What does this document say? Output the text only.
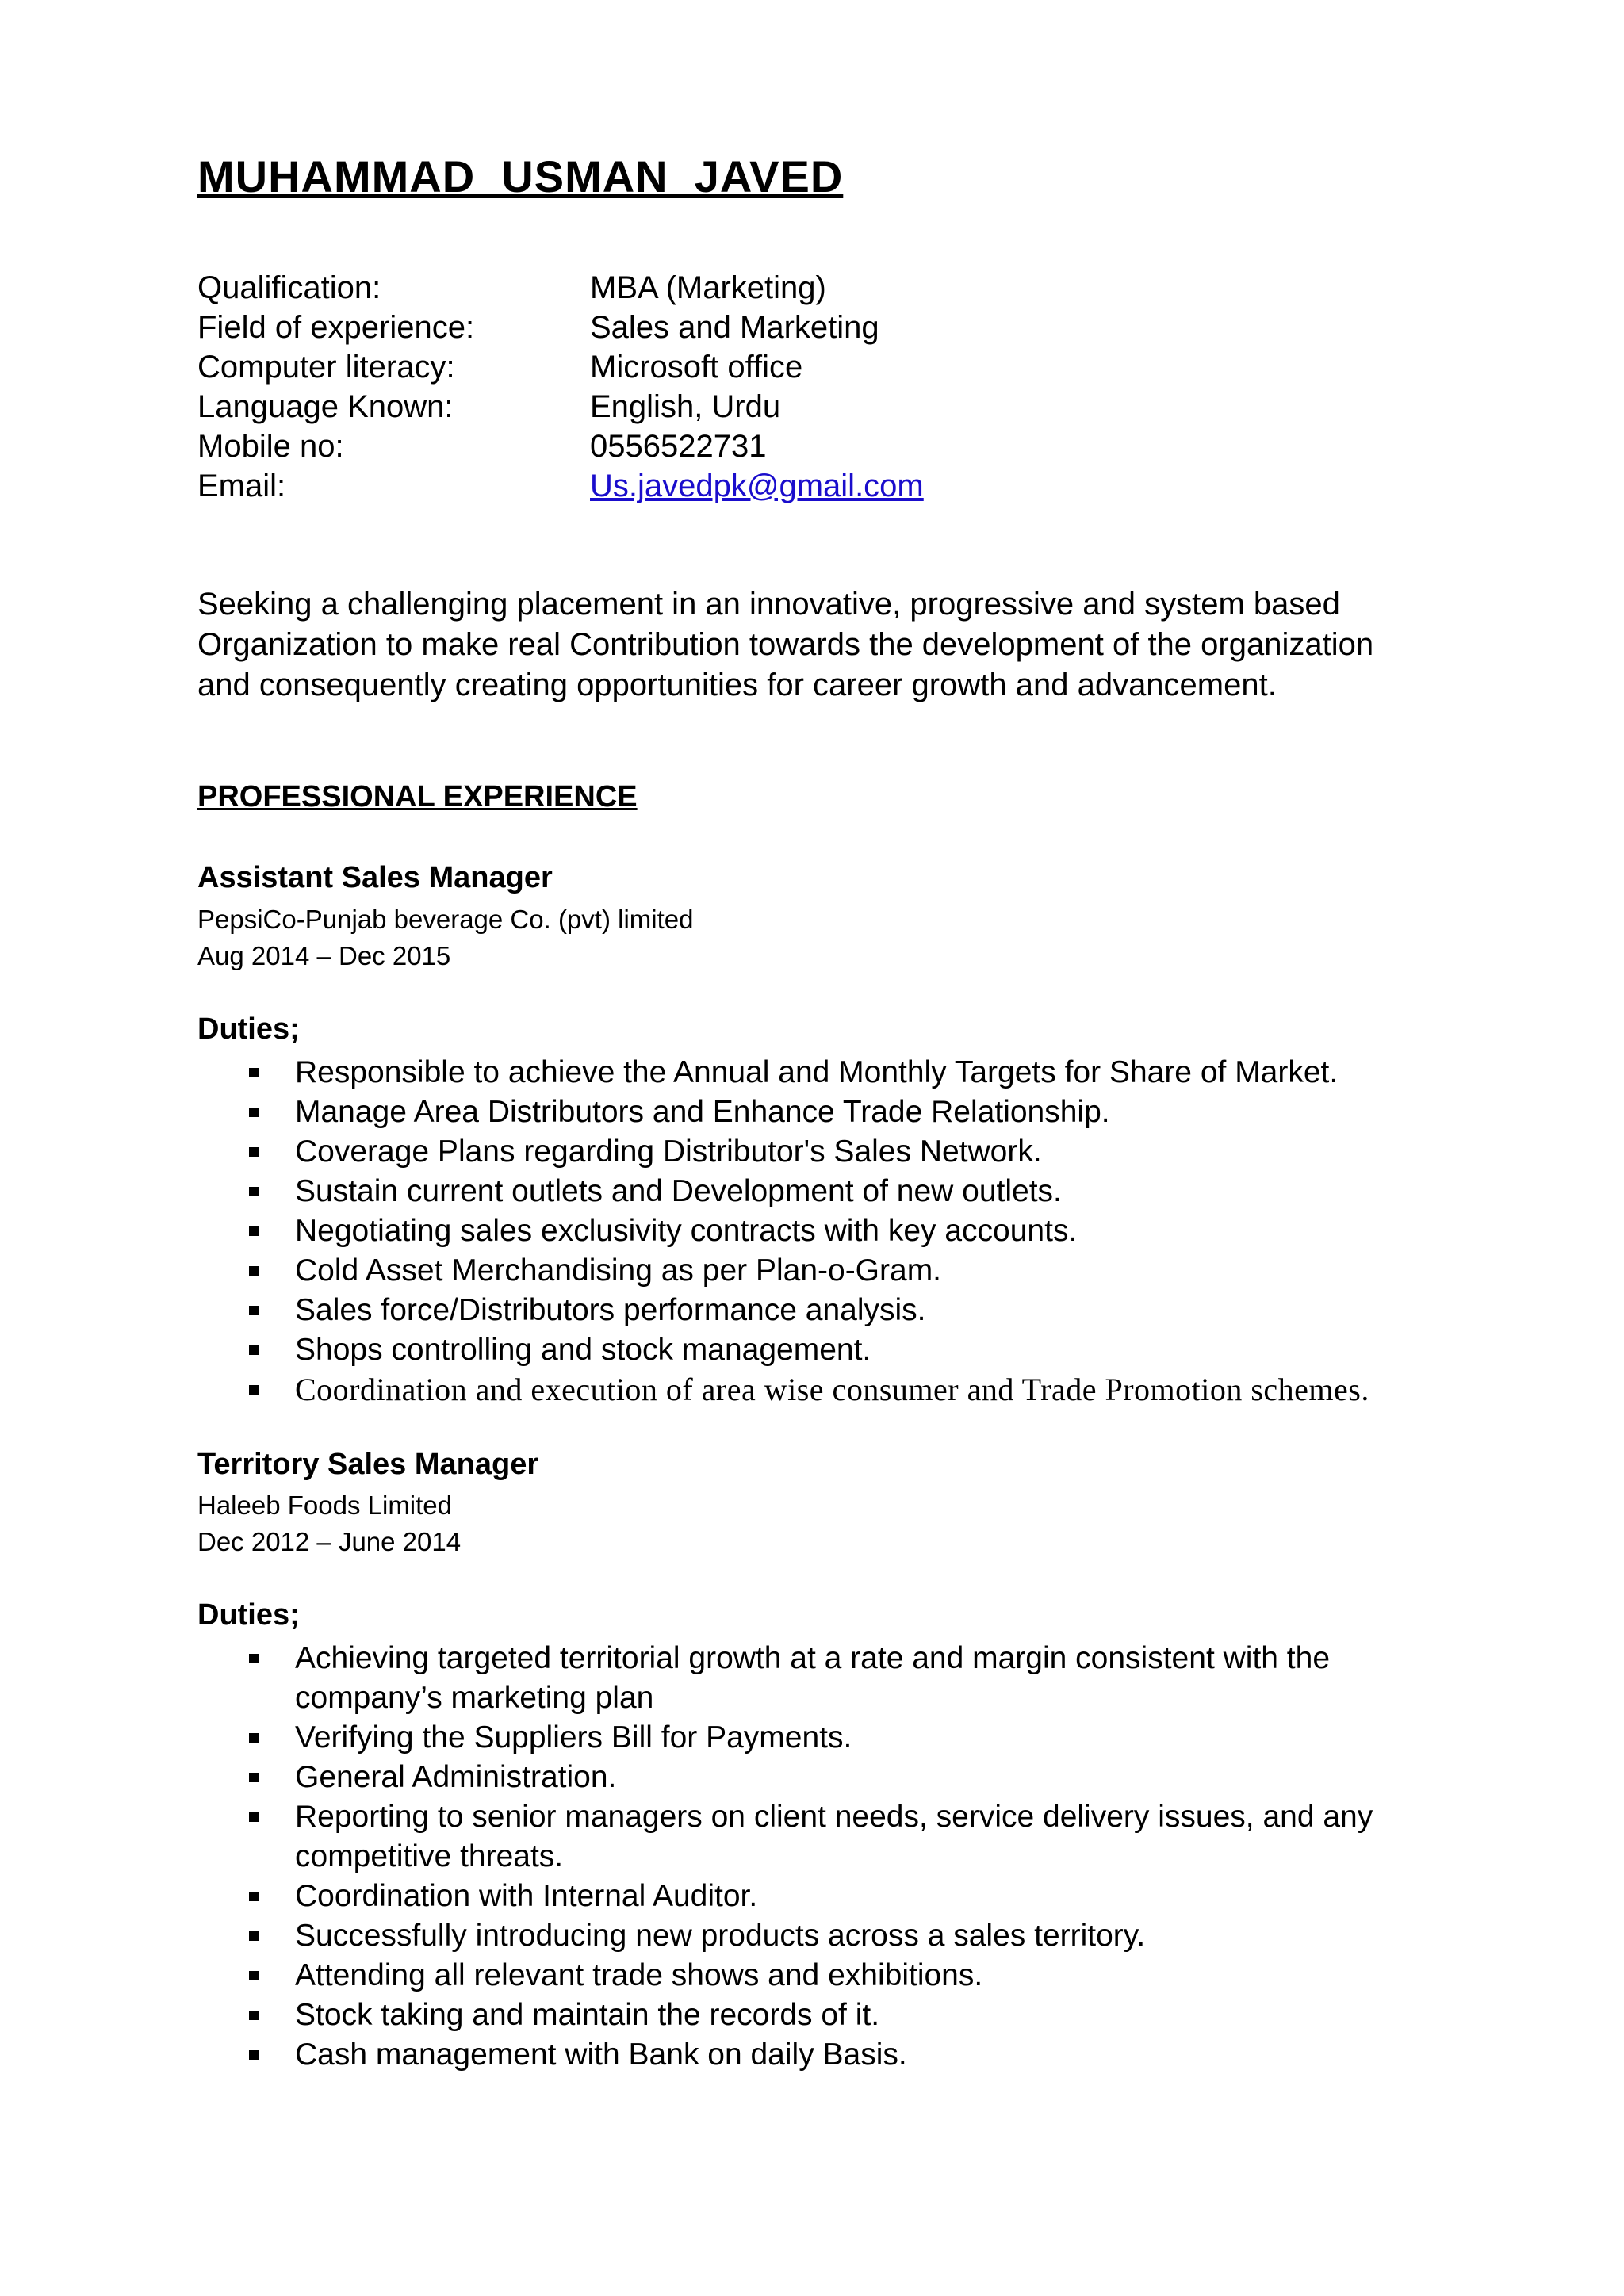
MUHAMMAD  USMAN  JAVED
Qualification:	MBA (Marketing)
Field of experience:	Sales and Marketing
Computer literacy:	Microsoft office
Language Known:	English, Urdu
Mobile no:	0556522731
Email:	Us.javedpk@gmail.com

Seeking a challenging placement in an innovative, progressive and system based Organization to make real Contribution towards the development of the organization and consequently creating opportunities for career growth and advancement.

PROFESSIONAL EXPERIENCE
Assistant Sales Manager
PepsiCo-Punjab beverage Co. (pvt) limited
Aug 2014 – Dec 2015
Duties;
Responsible to achieve the Annual and Monthly Targets for Share of Market.
Manage Area Distributors and Enhance Trade Relationship.
Coverage Plans regarding Distributor's Sales Network.
Sustain current outlets and Development of new outlets.
Negotiating sales exclusivity contracts with key accounts.
Cold Asset Merchandising as per Plan-o-Gram.
Sales force/Distributors performance analysis.
Shops controlling and stock management.
Coordination and execution of area wise consumer and Trade Promotion schemes.
Territory Sales Manager
Haleeb Foods Limited
Dec 2012 – June 2014
Duties;
Achieving targeted territorial growth at a rate and margin consistent with the company’s marketing plan
Verifying the Suppliers Bill for Payments.
General Administration.
Reporting to senior managers on client needs, service delivery issues, and any competitive threats.
Coordination with Internal Auditor.
Successfully introducing new products across a sales territory.
Attending all relevant trade shows and exhibitions.
Stock taking and maintain the records of it.
Cash management with Bank on daily Basis.
